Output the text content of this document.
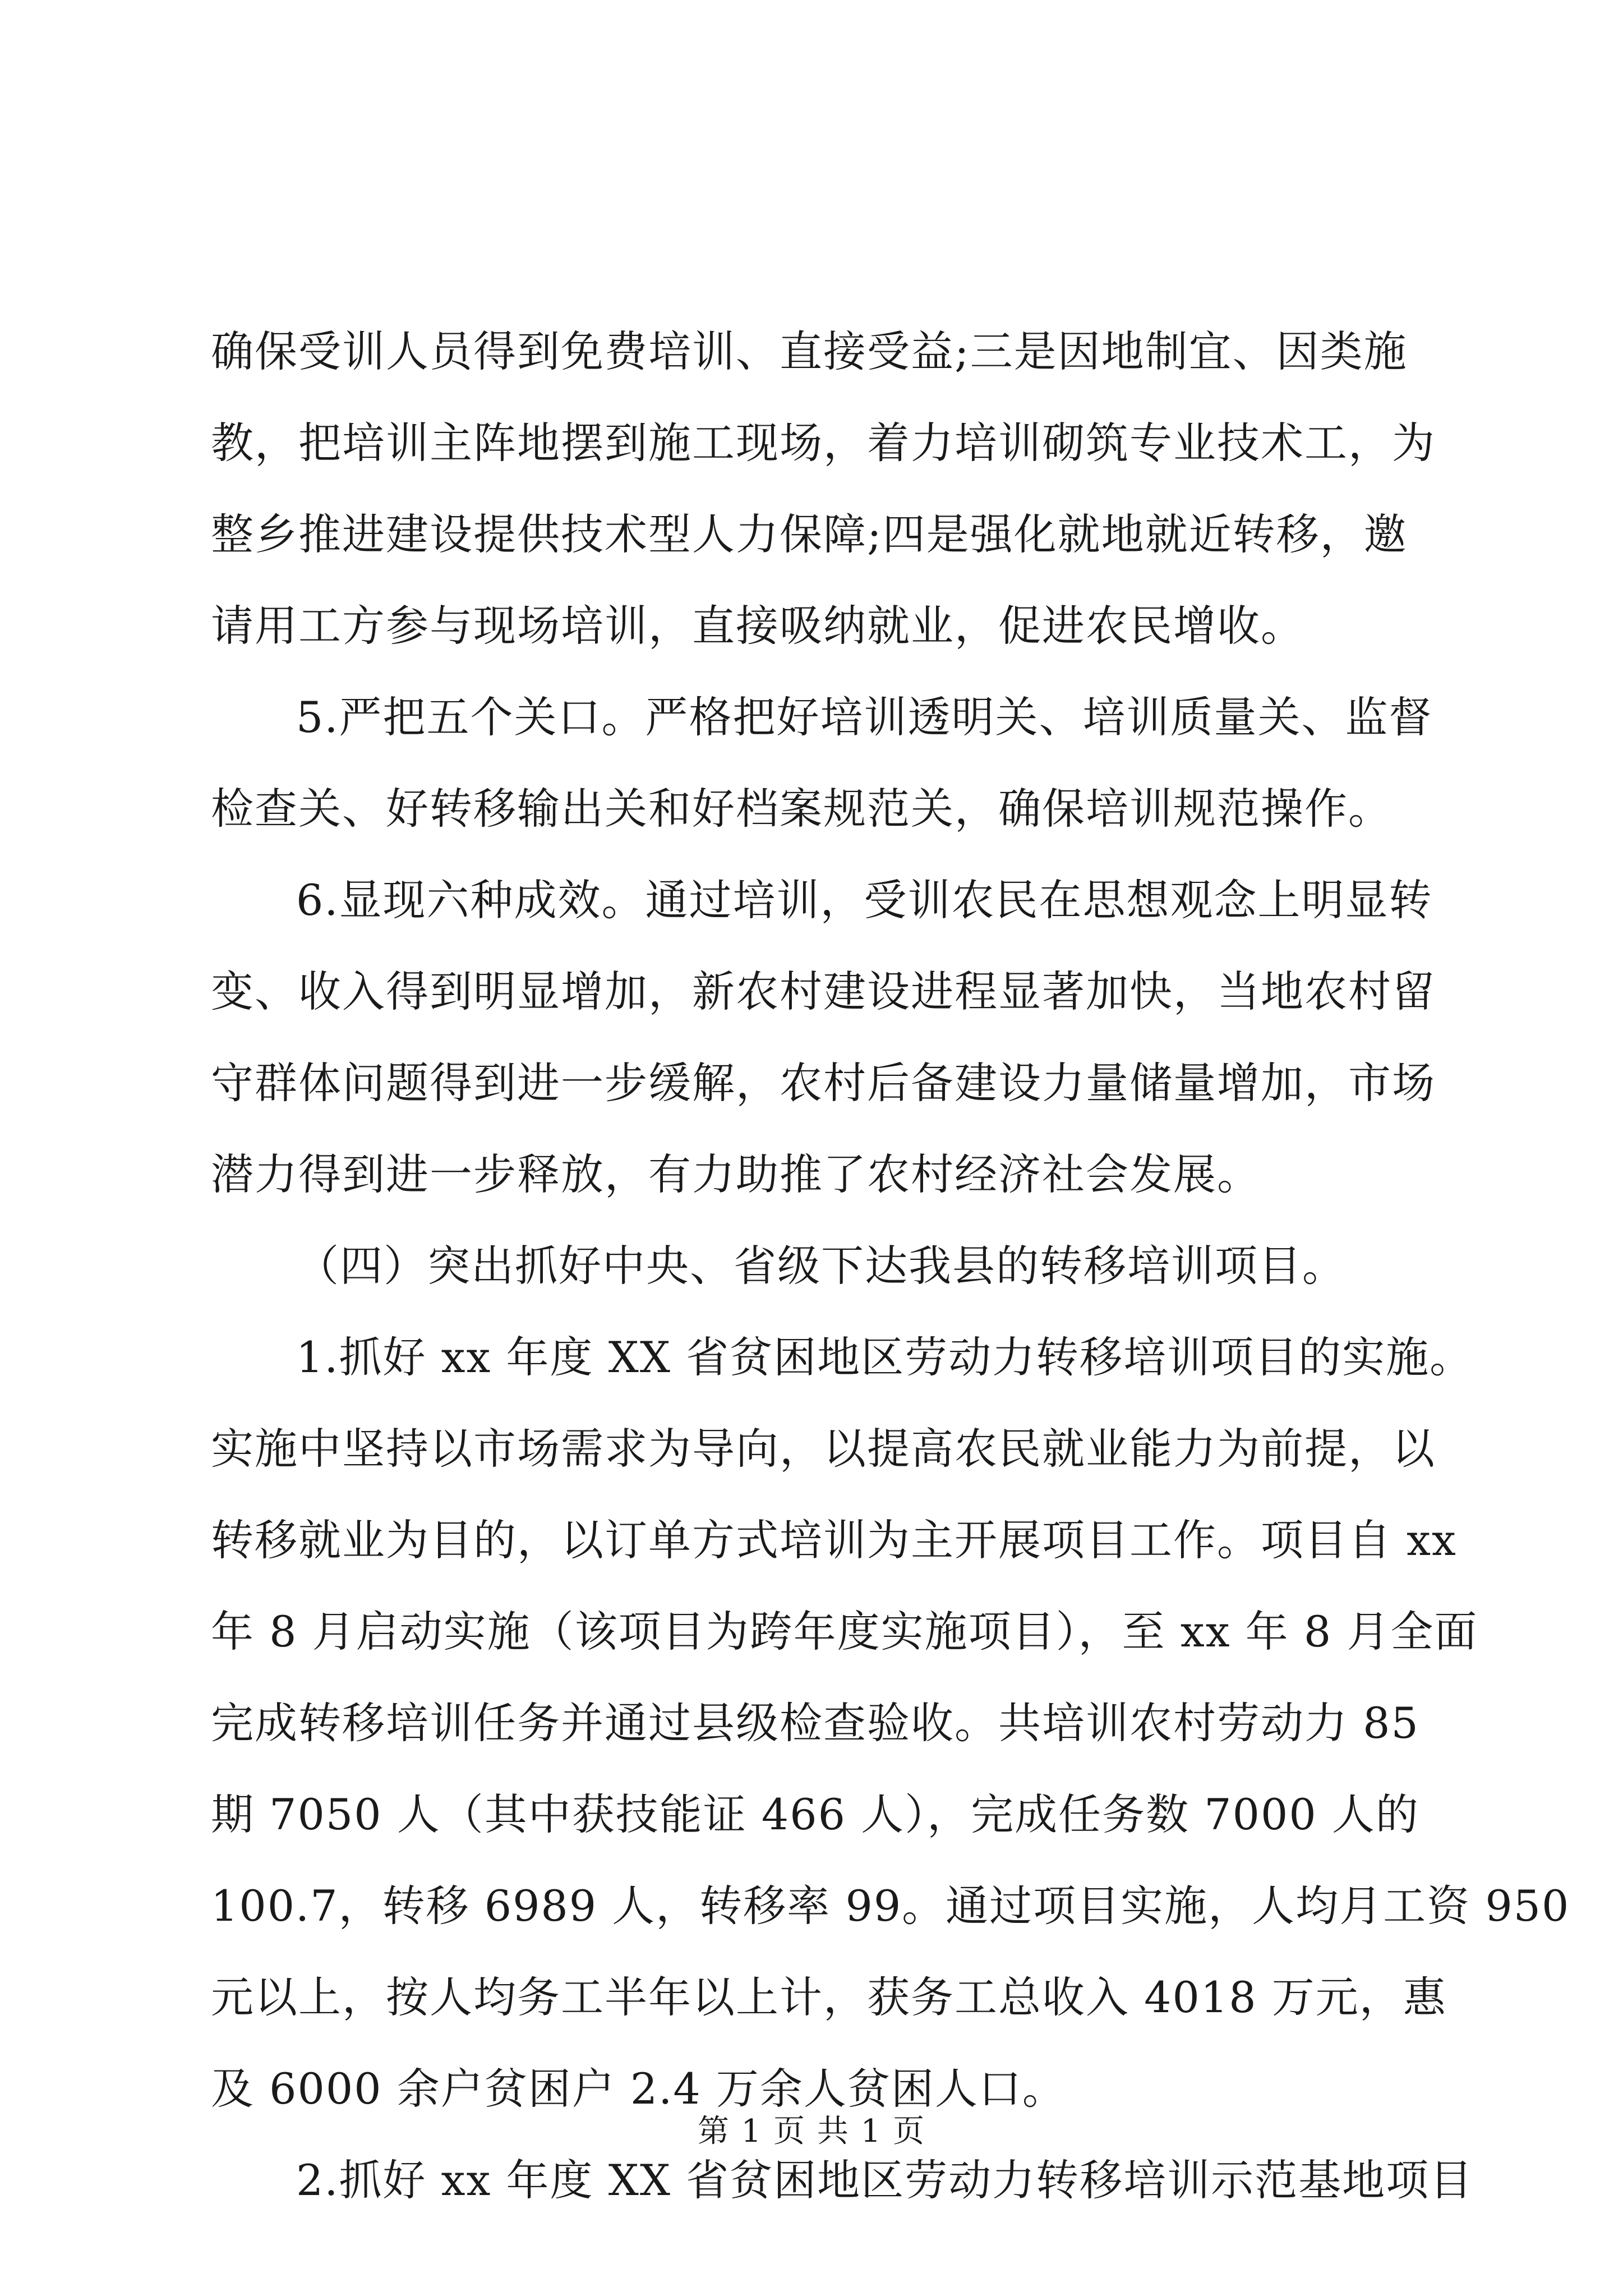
确保受训人员得到免费培训、直接受益;三是因地制宜、因类施
教，把培训主阵地摆到施工现场，着力培训砌筑专业技术工，为
整乡推进建设提供技术型人力保障;四是强化就地就近转移，邀
请用工方参与现场培训，直接吸纳就业，促进农民增收。
5.严把五个关口。严格把好培训透明关、培训质量关、监督
检查关、好转移输出关和好档案规范关，确保培训规范操作。
6.显现六种成效。通过培训，受训农民在思想观念上明显转
变、收入得到明显增加，新农村建设进程显著加快，当地农村留
守群体问题得到进一步缓解，农村后备建设力量储量增加，市场
潜力得到进一步释放，有力助推了农村经济社会发展。
（四）突出抓好中央、省级下达我县的转移培训项目。
1.抓好 xx 年度 XX 省贫困地区劳动力转移培训项目的实施。
实施中坚持以市场需求为导向，以提高农民就业能力为前提，以
转移就业为目的，以订单方式培训为主开展项目工作。项目自 xx
年 8 月启动实施（该项目为跨年度实施项目），至 xx 年 8 月全面
完成转移培训任务并通过县级检查验收。共培训农村劳动力 85
期 7050 人（其中获技能证 466 人），完成任务数 7000 人的
100.7，转移 6989 人，转移率 99。通过项目实施，人均月工资 950
元以上，按人均务工半年以上计，获务工总收入 4018 万元，惠
及 6000 余户贫困户 2.4 万余人贫困人口。
2.抓好 xx 年度 XX 省贫困地区劳动力转移培训示范基地项目
第 1 页 共 1 页
